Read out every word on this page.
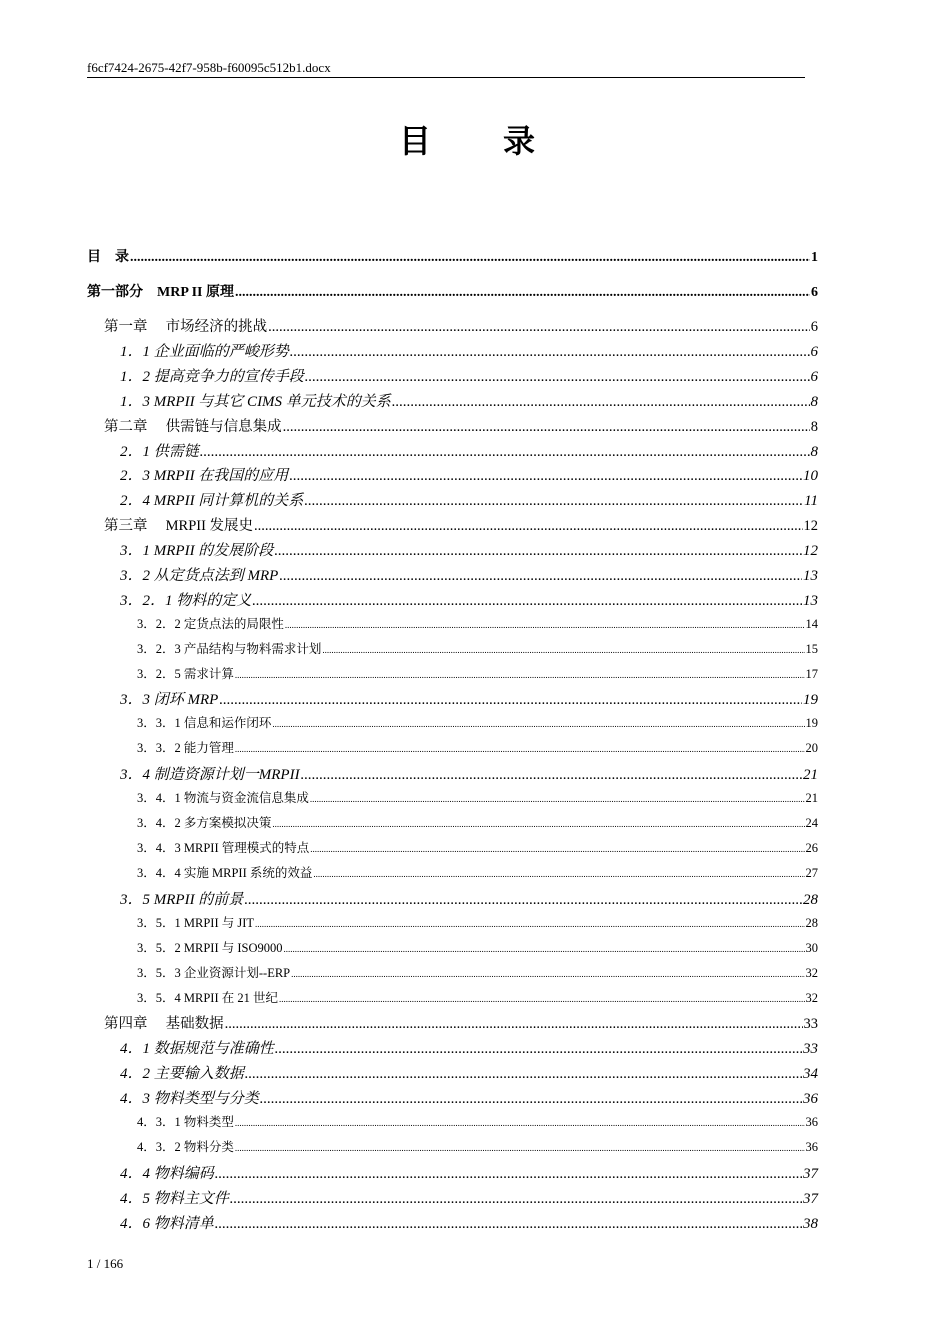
f6cf7424-2675-42f7-958b-f60095c512b1.docx
目 录
目　录 .....	1
第一部分　MRP II 原理 .....	6
第一章　 市场经济的挑战 .....	6
1．1 企业面临的严峻形势 .....	6
1．2 提高竞争力的宣传手段 .....	6
1．3 MRPII 与其它 CIMS 单元技术的关系 .....	8
第二章　 供需链与信息集成 .....	8
2．1 供需链 .....	8
2．3 MRPII 在我国的应用 .....	10
2．4 MRPII 同计算机的关系 .....	11
第三章　 MRPII 发展史 .....	12
3．1 MRPII 的发展阶段 .....	12
3．2 从定货点法到 MRP .....	13
3．2．1 物料的定义 .....	13
3．2．2 定货点法的局限性 .....	14
3．2．3 产品结构与物料需求计划 .....	15
3．2．5 需求计算 .....	17
3．3 闭环 MRP .....	19
3．3．1 信息和运作闭环 .....	19
3．3．2 能力管理 .....	20
3．4 制造资源计划一MRPII .....	21
3．4．1 物流与资金流信息集成 .....	21
3．4．2 多方案模拟决策 .....	24
3．4．3 MRPII 管理模式的特点 .....	26
3．4．4 实施 MRPII 系统的效益 .....	27
3．5 MRPII 的前景 .....	28
3．5．1 MRPII 与 JIT .....	28
3．5．2 MRPII 与 ISO9000 .....	30
3．5．3 企业资源计划--ERP .....	32
3．5．4 MRPII 在 21 世纪 .....	32
第四章　 基础数据 .....	33
4．1 数据规范与准确性 .....	33
4．2 主要输入数据 .....	34
4．3 物料类型与分类 .....	36
4．3．1 物料类型 .....	36
4．3．2 物料分类 .....	36
4．4 物料编码 .....	37
4．5 物料主文件 .....	37
4．6 物料清单 .....	38
1 / 166
